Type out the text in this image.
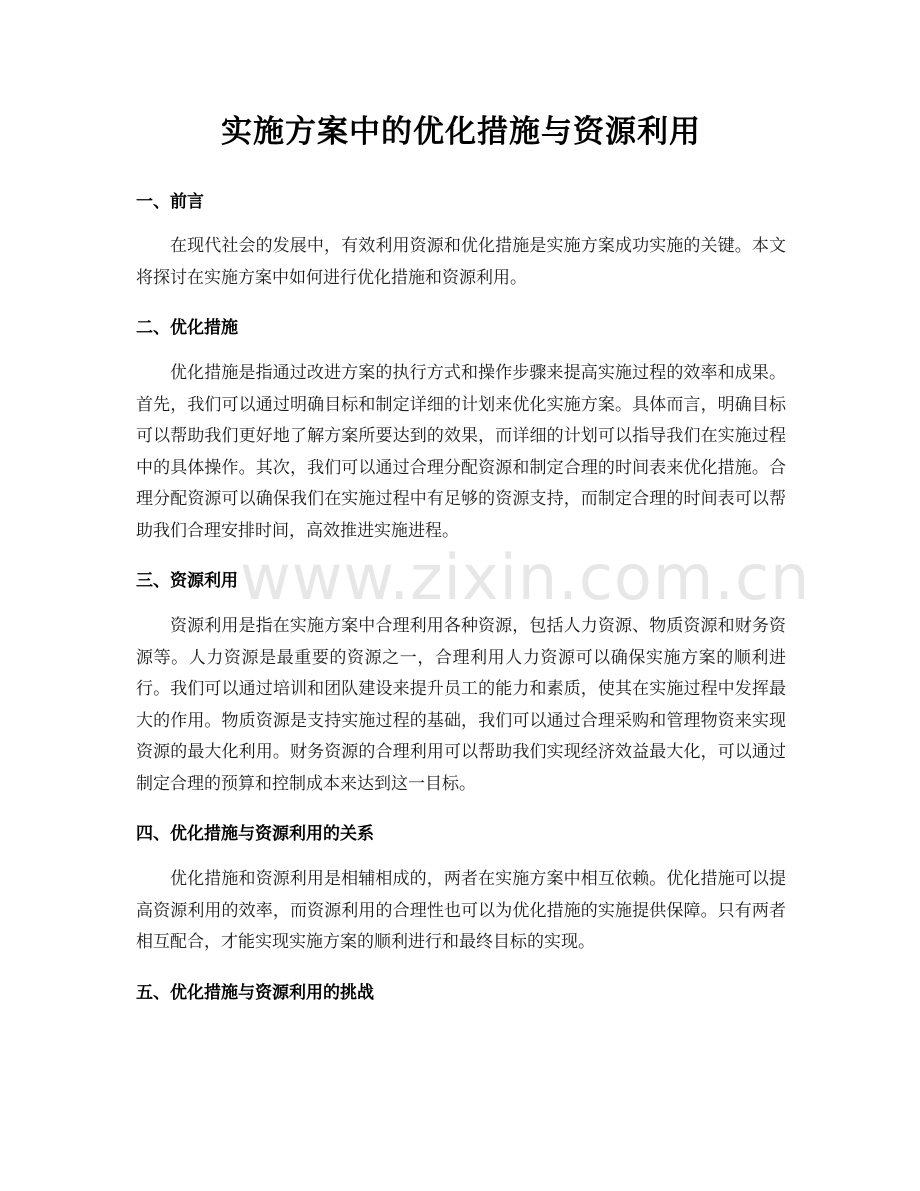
实施方案中的优化措施与资源利用
一、前言

在现代社会的发展中，有效利用资源和优化措施是实施方案成功实施的关键。本文将探讨在实施方案中如何进行优化措施和资源利用。

二、优化措施

优化措施是指通过改进方案的执行方式和操作步骤来提高实施过程的效率和成果。首先，我们可以通过明确目标和制定详细的计划来优化实施方案。具体而言，明确目标可以帮助我们更好地了解方案所要达到的效果，而详细的计划可以指导我们在实施过程中的具体操作。其次，我们可以通过合理分配资源和制定合理的时间表来优化措施。合理分配资源可以确保我们在实施过程中有足够的资源支持，而制定合理的时间表可以帮助我们合理安排时间，高效推进实施进程。

三、资源利用

资源利用是指在实施方案中合理利用各种资源，包括人力资源、物质资源和财务资源等。人力资源是最重要的资源之一，合理利用人力资源可以确保实施方案的顺利进行。我们可以通过培训和团队建设来提升员工的能力和素质，使其在实施过程中发挥最大的作用。物质资源是支持实施过程的基础，我们可以通过合理采购和管理物资来实现资源的最大化利用。财务资源的合理利用可以帮助我们实现经济效益最大化，可以通过制定合理的预算和控制成本来达到这一目标。

四、优化措施与资源利用的关系

优化措施和资源利用是相辅相成的，两者在实施方案中相互依赖。优化措施可以提高资源利用的效率，而资源利用的合理性也可以为优化措施的实施提供保障。只有两者相互配合，才能实现实施方案的顺利进行和最终目标的实现。

五、优化措施与资源利用的挑战
www.zixin.com.cn
